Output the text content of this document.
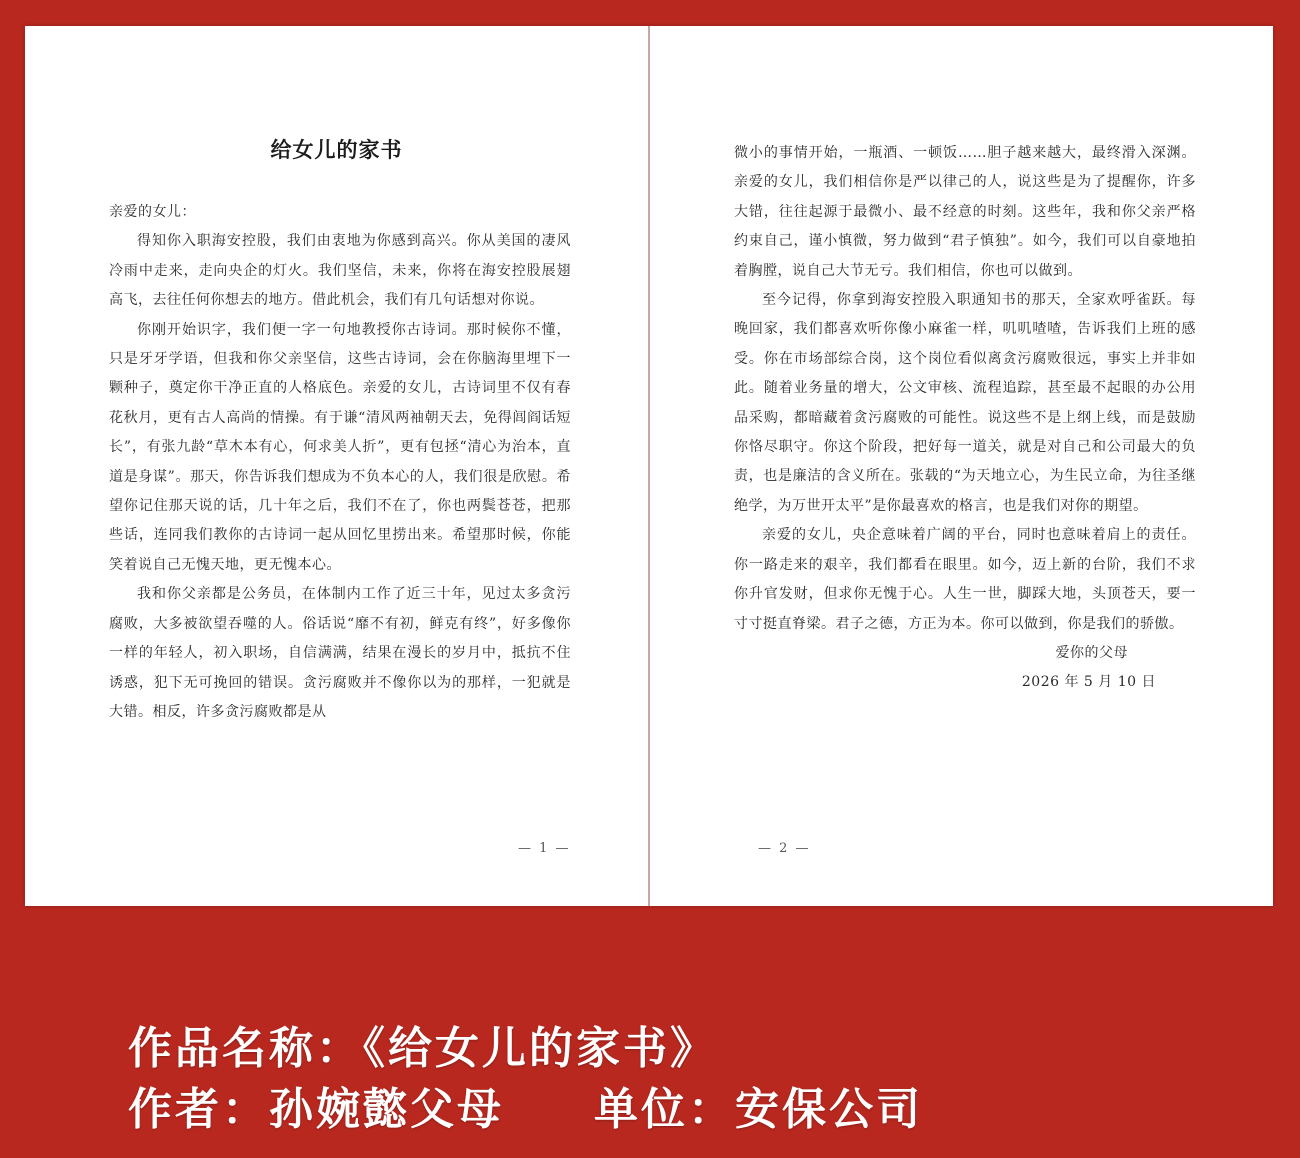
给女儿的家书

亲爱的女儿：

得知你入职海安控股，我们由衷地为你感到高兴。你从美国的凄风冷雨中走来，走向央企的灯火。我们坚信，未来，你将在海安控股展翅高飞，去往任何你想去的地方。借此机会，我们有几句话想对你说。

你刚开始识字，我们便一字一句地教授你古诗词。那时候你不懂，只是牙牙学语，但我和你父亲坚信，这些古诗词，会在你脑海里埋下一颗种子，奠定你干净正直的人格底色。亲爱的女儿，古诗词里不仅有春花秋月，更有古人高尚的情操。有于谦“清风两袖朝天去，免得闾阎话短长”，有张九龄“草木本有心，何求美人折”，更有包拯“清心为治本，直道是身谋”。那天，你告诉我们想成为不负本心的人，我们很是欣慰。希望你记住那天说的话，几十年之后，我们不在了，你也两鬓苍苍，把那些话，连同我们教你的古诗词一起从回忆里捞出来。希望那时候，你能笑着说自己无愧天地，更无愧本心。

我和你父亲都是公务员，在体制内工作了近三十年，见过太多贪污腐败，大多被欲望吞噬的人。俗话说“靡不有初，鲜克有终”，好多像你一样的年轻人，初入职场，自信满满，结果在漫长的岁月中，抵抗不住诱惑，犯下无可挽回的错误。贪污腐败并不像你以为的那样，一犯就是大错。相反，许多贪污腐败都是从

— 1 —

微小的事情开始，一瓶酒、一顿饭……胆子越来越大，最终滑入深渊。亲爱的女儿，我们相信你是严以律己的人，说这些是为了提醒你，许多大错，往往起源于最微小、最不经意的时刻。这些年，我和你父亲严格约束自己，谨小慎微，努力做到“君子慎独”。如今，我们可以自豪地拍着胸膛，说自己大节无亏。我们相信，你也可以做到。

至今记得，你拿到海安控股入职通知书的那天，全家欢呼雀跃。每晚回家，我们都喜欢听你像小麻雀一样，叽叽喳喳，告诉我们上班的感受。你在市场部综合岗，这个岗位看似离贪污腐败很远，事实上并非如此。随着业务量的增大，公文审核、流程追踪，甚至最不起眼的办公用品采购，都暗藏着贪污腐败的可能性。说这些不是上纲上线，而是鼓励你恪尽职守。你这个阶段，把好每一道关，就是对自己和公司最大的负责，也是廉洁的含义所在。张载的“为天地立心，为生民立命，为往圣继绝学，为万世开太平”是你最喜欢的格言，也是我们对你的期望。

亲爱的女儿，央企意味着广阔的平台，同时也意味着肩上的责任。你一路走来的艰辛，我们都看在眼里。如今，迈上新的台阶，我们不求你升官发财，但求你无愧于心。人生一世，脚踩大地，头顶苍天，要一寸寸挺直脊梁。君子之德，方正为本。你可以做到，你是我们的骄傲。

爱你的父母
2026 年 5 月 10 日
— 2 —
作品名称：《给女儿的家书》
作者：孙婉懿父母 单位：安保公司
